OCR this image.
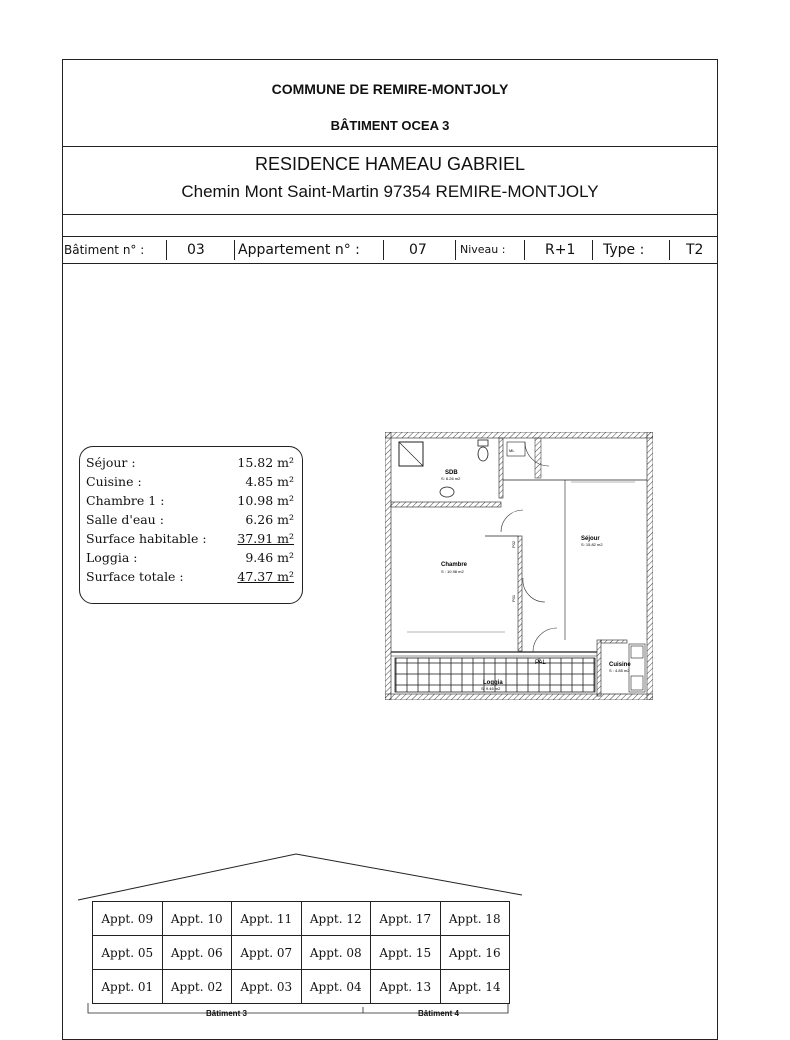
COMMUNE DE REMIRE-MONTJOLY
BÂTIMENT OCEA 3
RESIDENCE HAMEAU GABRIEL
Chemin Mont Saint-Martin 97354 REMIRE-MONTJOLY
Bâtiment n° :	03 Appartement n° :	07	Niveau :	R+1 Type :	T2
Séjour :	15.82 m²
Cuisine :	4.85 m²
Chambre 1 :	10.98 m²
Salle d'eau :	6.26 m²
Surface habitable : 37.91 m²
Loggia :	9.46 m²
Surface totale :	47.37 m²
SDB
S: 6.26 m2
ML
Chambre
S : 10.98 m2
Séjour
S: 15.82 m2
Cuisine
S : 4.85 m2
Loggia
S: 9.46 m2
PAL
P01
P02
Appt. 09	Appt. 10	Appt. 11	Appt. 12	Appt. 17	Appt. 18
Appt. 05	Appt. 06	Appt. 07	Appt. 08	Appt. 15	Appt. 16
Appt. 01	Appt. 02	Appt. 03	Appt. 04	Appt. 13	Appt. 14
Bâtiment 3	Bâtiment 4
